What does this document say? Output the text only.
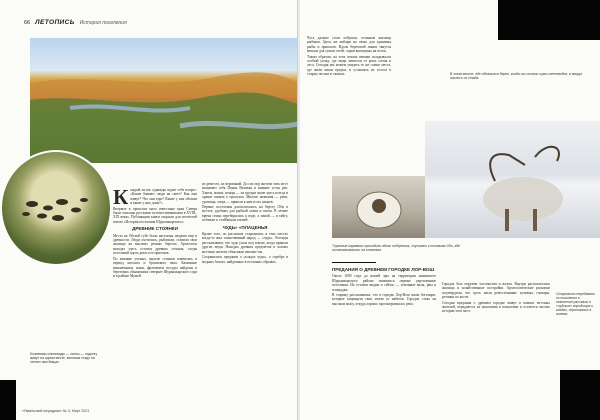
66 ЛЕТОПИСЬ История поселения

К аждый ли вас однажды задает себе вопрос: «Какие бывают люди на свете? Как они живут? Что они едят? Какие у них обычаи и какие у них дома?»

Впервые в прошлом мало известные края Севера были описаны русскими путешественниками в XVIII–XIX веках. Публикации книги открыли для читателей землю «История поселения Шурышкарского».

ДРЕВНИЕ СТОЯНКИ

Места на Обской губе были населены людьми еще в древности. Люди охотились, рыбачили, ставили свои жилища на высоких речных берегах. Археологи находят здесь остатки древних стоянок, следы поселений вдоль реки и ее притоков.

По мнению ученых, многие стоянки появились в период неолита и бронзового века. Каменные наконечники, ножи, фрагменты посуды найдены в береговых обнажениях севернее Шурышкарского сора и в районе Мужей.

их ремесел, их верований. До сих пор жители этих мест называют себя Пермь Великая и нижние устья рек. Ханты, манси, ненцы — их предки жили здесь всегда и хранят память о прошлом. Многие названия — реки, урочища, озера — пришли к нам из их языков.

Первые поселения располагались на берегу Оби в местах, удобных для рыбной ловли и охоты. В летнее время семьи перебирались к воде, а зимой — в тайгу, поближе к стойбищам оленей.

ЧУДЬ» «ПЛАЦЕНЬЯ

Кроме того, по рассказам старожилов, в этих местах когда-то жил таинственный народ — «чудь». Легенды рассказывают, что чудь ушла под землю, когда пришли другие люди. Находки древних предметов в холмах местные жители объясняли именно так.

Сохранились предания о «кладах чуди», о серебре и медных бляхах, найденных в песчаных обрывах.

Кочевники-оленеводы — ханты — подолгу живут на одном месте, выпасая стадо на летних пастбищах.
«Ямальский меридиан» № 3, Март 2021

Чуть дальше стоят избушки, сезонные жилища рыбаков. Здесь же амбары на сваях для хранения рыбы и припасов. Вдоль береговой линии тянутся вешала для сушки сетей, лодки вытащены на песок.

Таким образом, на этих землях веками складывался особый уклад, где люди зависели от реки, оленя и леса. Сегодня мы можем увидеть те же самые места, где жили наши предки, и услышать их голоса в старых песнях и сказках.	В этом месте, где обнажился берег, когда-то стояли чумы оленеводов, а вокруг паслись их стада.
Торговые караваны проходили вдоль побережья, спускаясь к низовьям Оби, где останавливались на стоянках.
ПРЕДАНИЯ О ДРЕВНЕМ ГОРОДКЕ ЛОР-ВОШ

Около 1000 года до нашей эры на территории нынешнего Шурышкарского района появились первые укрепленные поселения. Их остатки видны и сейчас — земляные валы, рвы и площадки.

В старину рассказывали, что в городке Лор-Вош жили богатыри, которые защищали свои земли от набегов. Городок стоял на высоком мысу, откуда хорошо просматривалась река.

Городок был окружен частоколом и валом. Внутри располагались жилища и хозяйственные постройки. Археологические раскопки подтвердили, что здесь жили ремесленники: кузнецы, гончары, резчики по кости.

Сегодня предания о древнем городке живут в памяти местных жителей, передаются из поколения в поколение и остаются частью истории этих мест.

Старожилы передавали из поколения в поколение рассказы о «чудских» городищах и кладах, спрятанных в холмах.
